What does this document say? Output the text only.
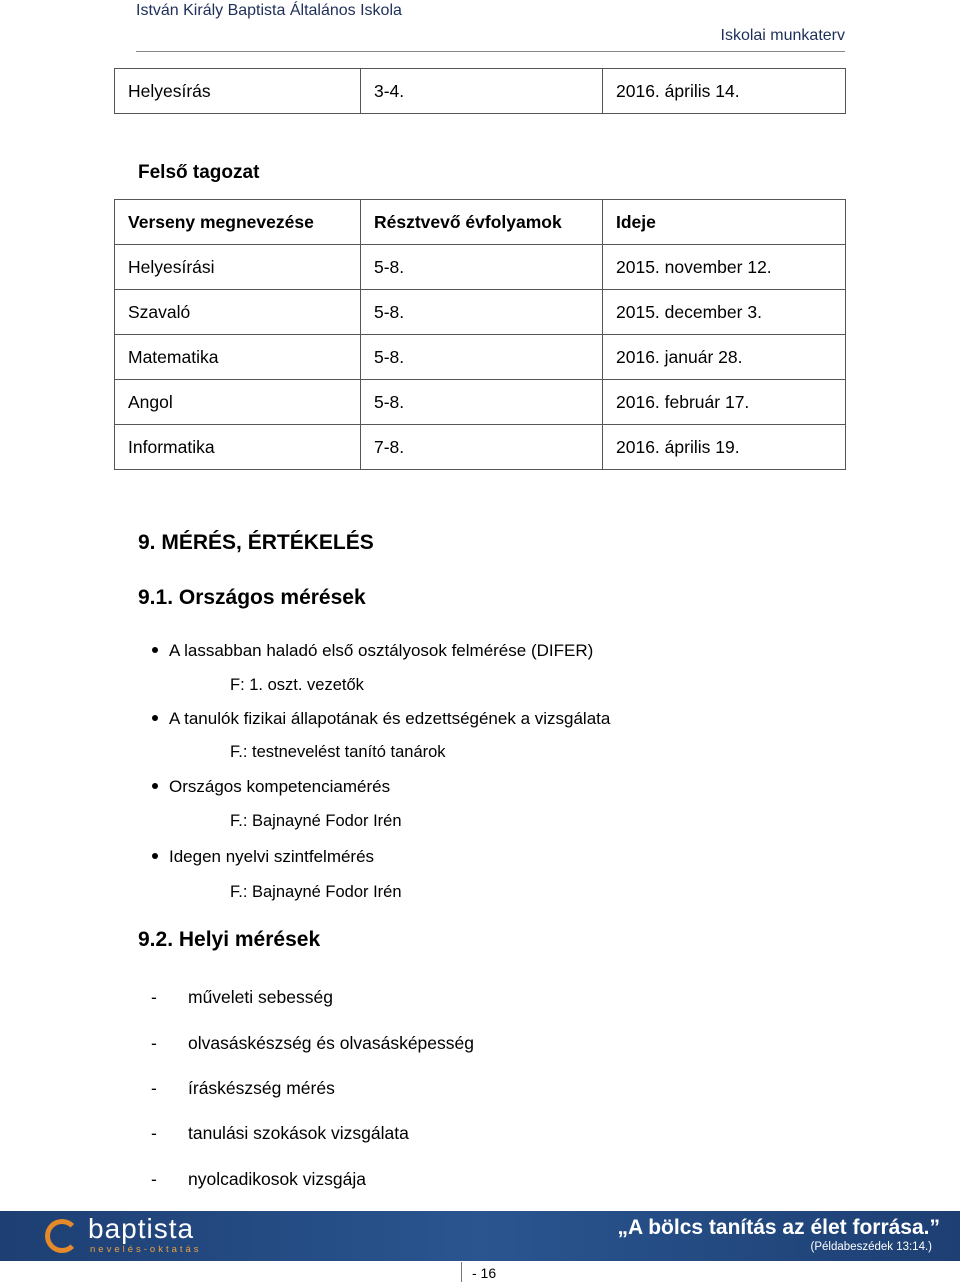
István Király Baptista Általános Iskola
Iskolai munkaterv
Helyesírás	3-4.	2016. április 14.
Felső tagozat
Verseny megnevezése	Résztvevő évfolyamok	Ideje
Helyesírási	5-8.	2015. november 12.
Szavaló	5-8.	2015. december 3.
Matematika	5-8.	2016. január 28.
Angol	5-8.	2016. február 17.
Informatika	7-8.	2016. április 19.
9. MÉRÉS, ÉRTÉKELÉS
9.1. Országos mérések
A lassabban haladó első osztályosok felmérése (DIFER)
F: 1. oszt. vezetők
A tanulók fizikai állapotának és edzettségének a vizsgálata
F.: testnevelést tanító tanárok
Országos kompetenciamérés
F.: Bajnayné Fodor Irén
Idegen nyelvi szintfelmérés
F.: Bajnayné Fodor Irén
9.2. Helyi mérések
- műveleti sebesség
- olvasáskészség és olvasásképesség
- íráskészség mérés
- tanulási szokások vizsgálata
- nyolcadikosok vizsgája
baptista
nevelés-oktatás
„A bölcs tanítás az élet forrása.”
(Példabeszédek 13:14.)
- 16
